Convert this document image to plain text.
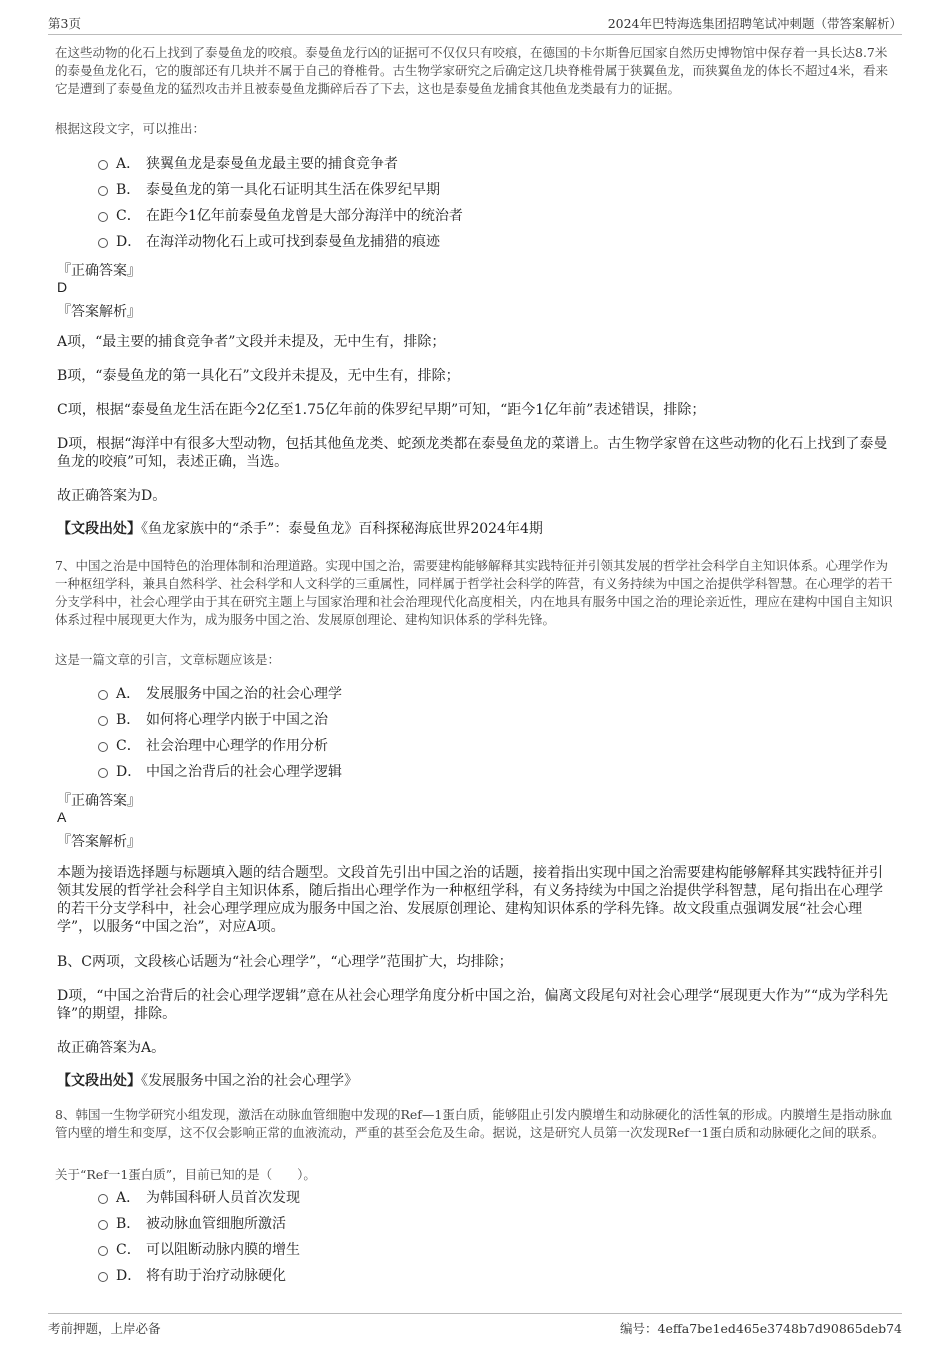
第3页	2024年巴特海选集团招聘笔试冲刺题（带答案解析）

在这些动物的化石上找到了泰曼鱼龙的咬痕。泰曼鱼龙行凶的证据可不仅仅只有咬痕，在德国的卡尔斯鲁厄国家自然历史博物馆中保存着一具长达8.7米的泰曼鱼龙化石，它的腹部还有几块并不属于自己的脊椎骨。古生物学家研究之后确定这几块脊椎骨属于狭翼鱼龙，而狭翼鱼龙的体长不超过4米，看来它是遭到了泰曼鱼龙的猛烈攻击并且被泰曼鱼龙撕碎后吞了下去，这也是泰曼鱼龙捕食其他鱼龙类最有力的证据。

根据这段文字，可以推出：

A． 狭翼鱼龙是泰曼鱼龙最主要的捕食竞争者
B． 泰曼鱼龙的第一具化石证明其生活在侏罗纪早期
C． 在距今1亿年前泰曼鱼龙曾是大部分海洋中的统治者
D． 在海洋动物化石上或可找到泰曼鱼龙捕猎的痕迹
『正确答案』
D
『答案解析』

A项，“最主要的捕食竞争者”文段并未提及，无中生有，排除；

B项，“泰曼鱼龙的第一具化石”文段并未提及，无中生有，排除；

C项，根据“泰曼鱼龙生活在距今2亿至1.75亿年前的侏罗纪早期”可知，“距今1亿年前”表述错误，排除；

D项，根据“海洋中有很多大型动物，包括其他鱼龙类、蛇颈龙类都在泰曼鱼龙的菜谱上。古生物学家曾在这些动物的化石上找到了泰曼鱼龙的咬痕”可知，表述正确，当选。

故正确答案为D。

【文段出处】《鱼龙家族中的“杀手”：泰曼鱼龙》百科探秘海底世界2024年4期

7、中国之治是中国特色的治理体制和治理道路。实现中国之治，需要建构能够解释其实践特征并引领其发展的哲学社会科学自主知识体系。心理学作为一种枢纽学科，兼具自然科学、社会科学和人文科学的三重属性，同样属于哲学社会科学的阵营，有义务持续为中国之治提供学科智慧。在心理学的若干分支学科中，社会心理学由于其在研究主题上与国家治理和社会治理现代化高度相关，内在地具有服务中国之治的理论亲近性，理应在建构中国自主知识体系过程中展现更大作为，成为服务中国之治、发展原创理论、建构知识体系的学科先锋。

这是一篇文章的引言，文章标题应该是：

A． 发展服务中国之治的社会心理学
B． 如何将心理学内嵌于中国之治
C． 社会治理中心理学的作用分析
D． 中国之治背后的社会心理学逻辑
『正确答案』
A
『答案解析』

本题为接语选择题与标题填入题的结合题型。文段首先引出中国之治的话题，接着指出实现中国之治需要建构能够解释其实践特征并引领其发展的哲学社会科学自主知识体系，随后指出心理学作为一种枢纽学科，有义务持续为中国之治提供学科智慧，尾句指出在心理学的若干分支学科中，社会心理学理应成为服务中国之治、发展原创理论、建构知识体系的学科先锋。故文段重点强调发展“社会心理学”，以服务“中国之治”，对应A项。

B、C两项，文段核心话题为“社会心理学”，“心理学”范围扩大，均排除；

D项，“中国之治背后的社会心理学逻辑”意在从社会心理学角度分析中国之治，偏离文段尾句对社会心理学“展现更大作为”“成为学科先锋”的期望，排除。

故正确答案为A。

【文段出处】《发展服务中国之治的社会心理学》

8、韩国一生物学研究小组发现，激活在动脉血管细胞中发现的Ref—1蛋白质，能够阻止引发内膜增生和动脉硬化的活性氧的形成。内膜增生是指动脉血管内壁的增生和变厚，这不仅会影响正常的血液流动，严重的甚至会危及生命。据说，这是研究人员第一次发现Ref一1蛋白质和动脉硬化之间的联系。

关于“Ref一1蛋白质”，目前已知的是（　　）。

A． 为韩国科研人员首次发现
B． 被动脉血管细胞所激活
C． 可以阻断动脉内膜的增生
D． 将有助于治疗动脉硬化
考前押题，上岸必备	编号：4effa7be1ed465e3748b7d90865deb74
